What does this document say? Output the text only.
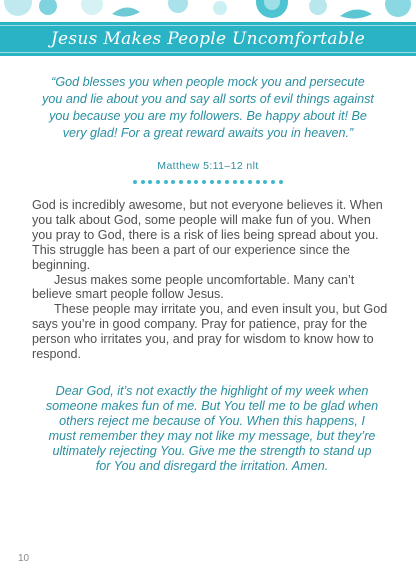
Jesus Makes People Uncomfortable

“God blesses you when people mock you and persecute you and lie about you and say all sorts of evil things against you because you are my followers. Be happy about it! Be very glad! For a great reward awaits you in heaven.”

Matthew 5:11–12 nlt

God is incredibly awesome, but not everyone believes it. When you talk about God, some people will make fun of you. When you pray to God, there is a risk of lies being spread about you. This struggle has been a part of our experience since the beginning.

Jesus makes some people uncomfortable. Many can’t believe smart people follow Jesus.

These people may irritate you, and even insult you, but God says you’re in good company. Pray for patience, pray for the person who irritates you, and pray for wisdom to know how to respond.

Dear God, it’s not exactly the highlight of my week when someone makes fun of me. But You tell me to be glad when others reject me because of You. When this happens, I must remember they may not like my message, but they’re ultimately rejecting You. Give me the strength to stand up for You and disregard the irritation. Amen.
10
